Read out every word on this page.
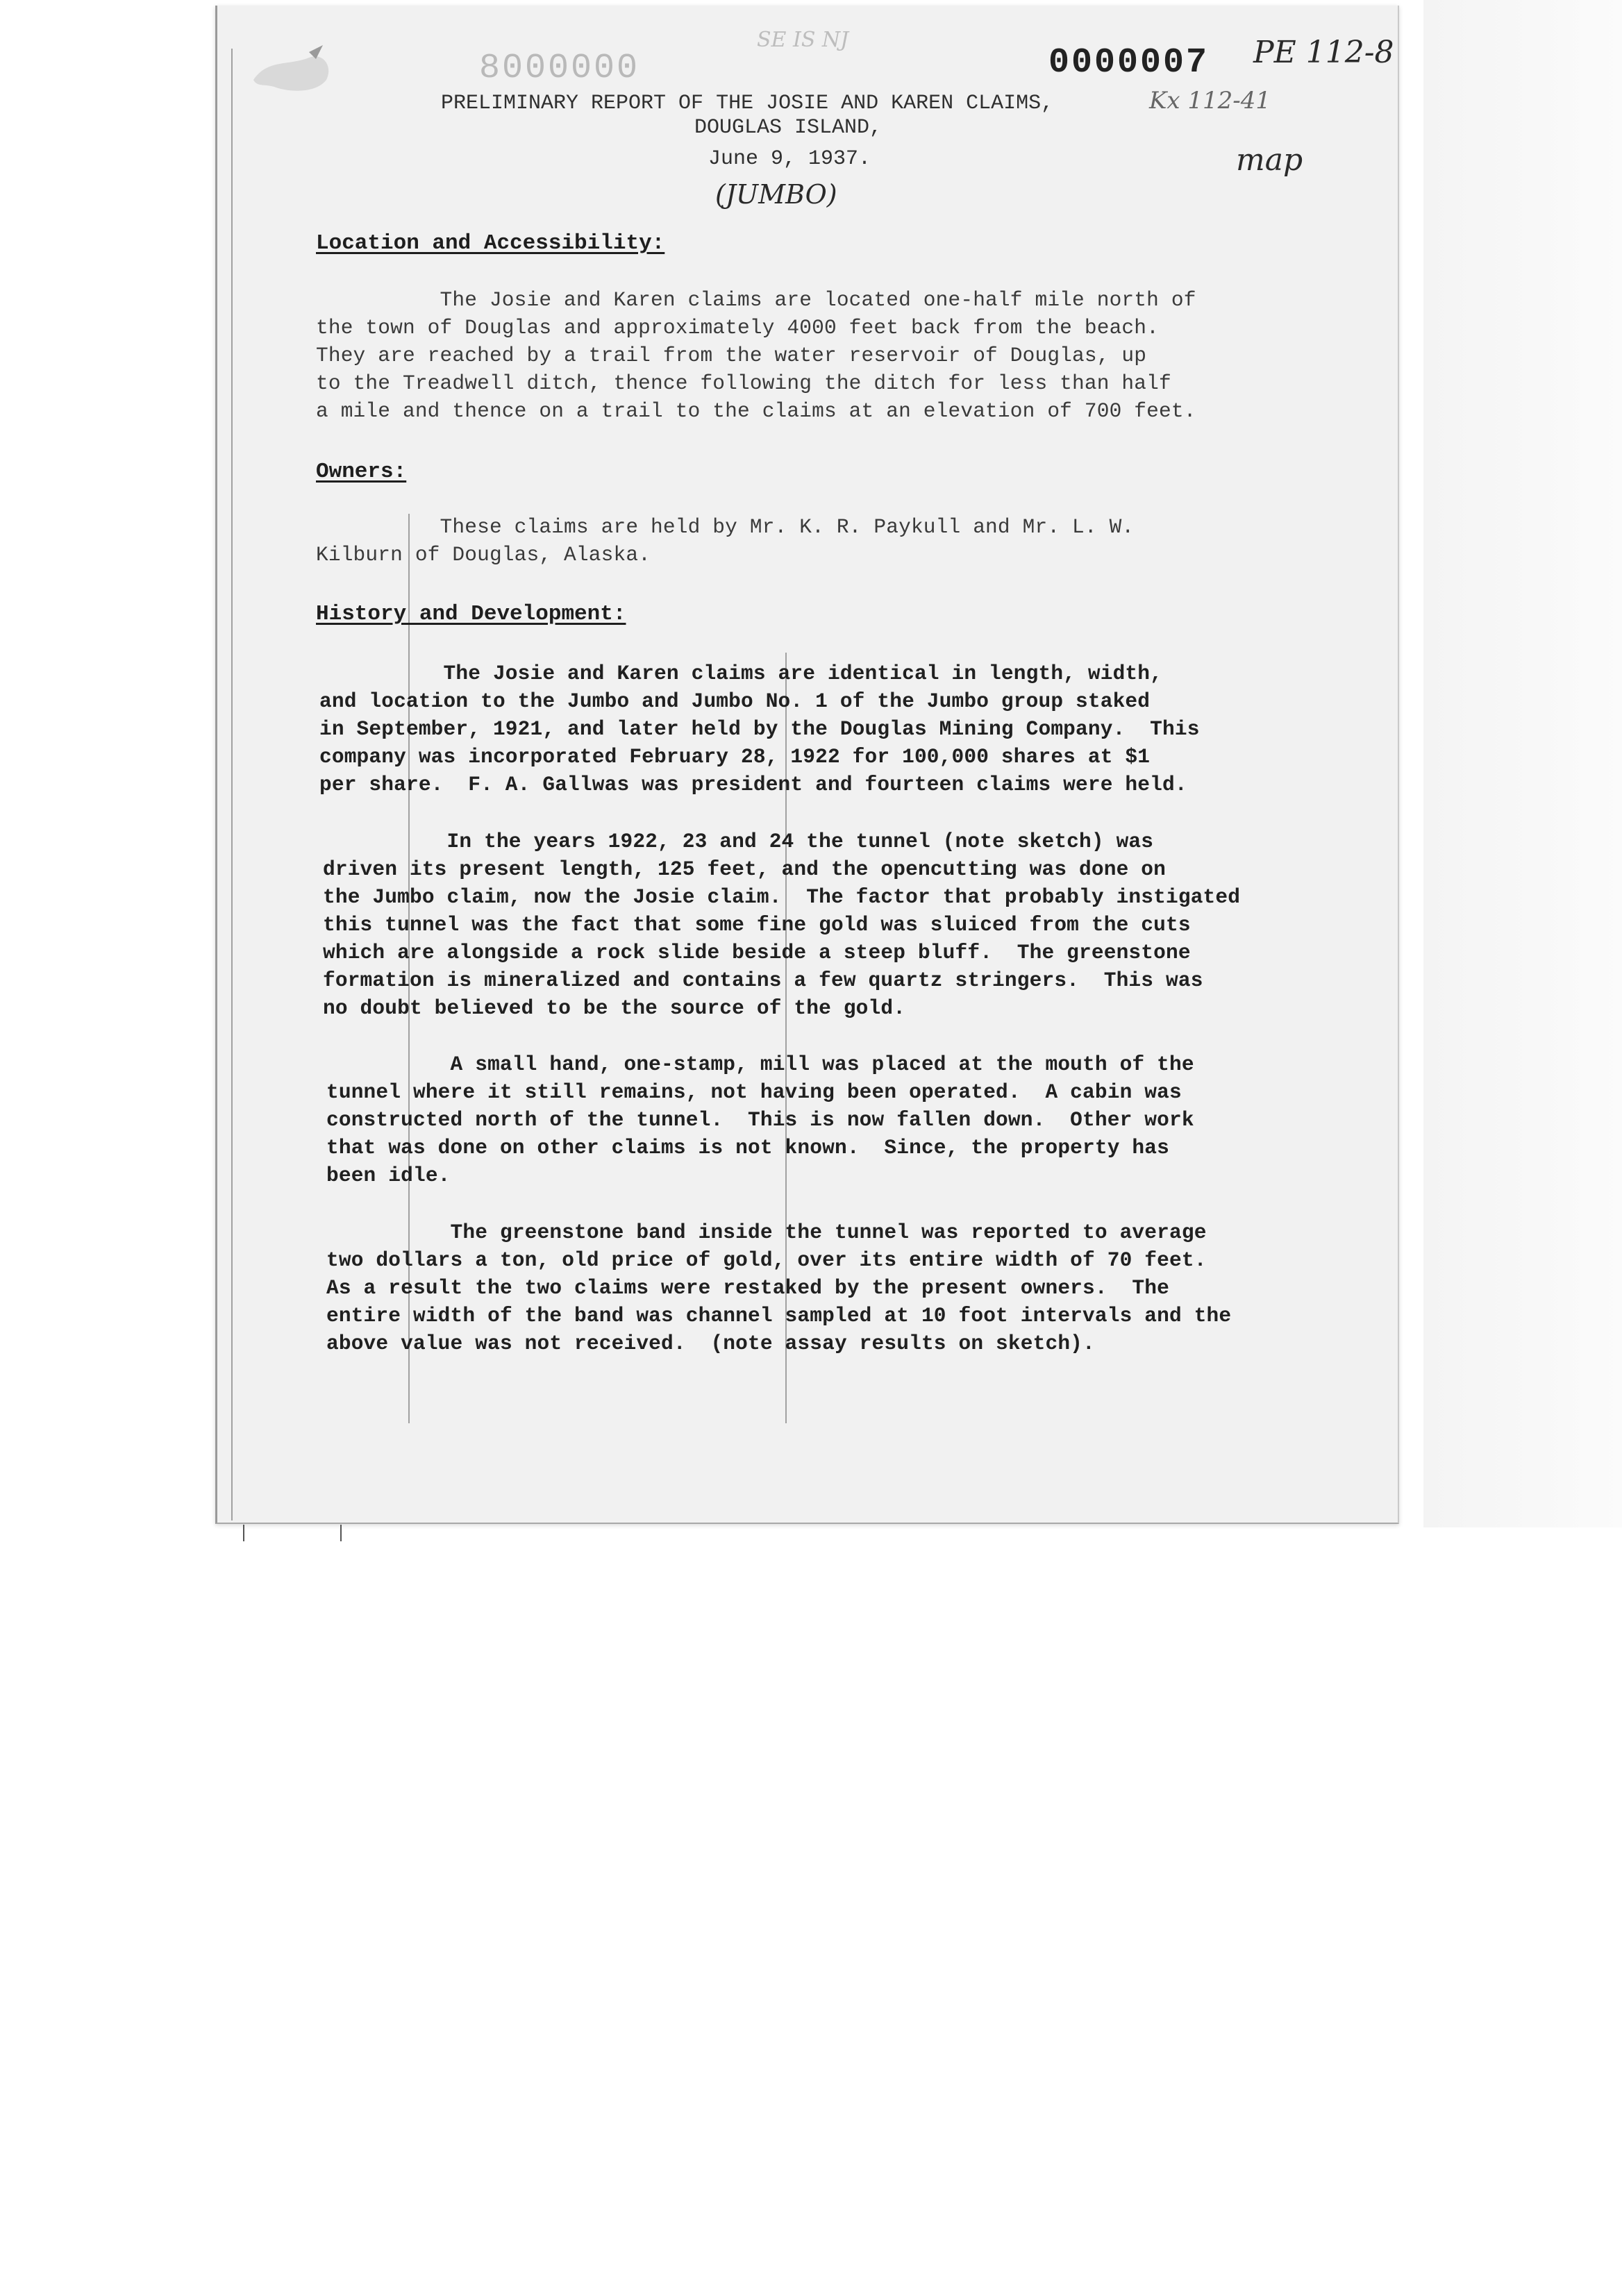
8000000
SE IS NJ
0000007 PE 112-8
Kx 112-41
map
(JUMBO)
PRELIMINARY REPORT OF THE JOSIE AND KAREN CLAIMS,
DOUGLAS ISLAND,
June 9, 1937.
Location and Accessibility:
The Josie and Karen claims are located one-half mile north of
the town of Douglas and approximately 4000 feet back from the beach.
They are reached by a trail from the water reservoir of Douglas, up
to the Treadwell ditch, thence following the ditch for less than half
a mile and thence on a trail to the claims at an elevation of 700 feet.
Owners:
These claims are held by Mr. K. R. Paykull and Mr. L. W.
Kilburn of Douglas, Alaska.
History and Development:
The Josie and Karen claims are identical in length, width,
and location to the Jumbo and Jumbo No. 1 of the Jumbo group staked
in September, 1921, and later held by the Douglas Mining Company.  This
company was incorporated February 28, 1922 for 100,000 shares at $1
per share.  F. A. Gallwas was president and fourteen claims were held.
In the years 1922, 23 and 24 the tunnel (note sketch) was
driven its present length, 125 feet, and the opencutting was done on
the Jumbo claim, now the Josie claim.  The factor that probably instigated
this tunnel was the fact that some fine gold was sluiced from the cuts
which are alongside a rock slide beside a steep bluff.  The greenstone
formation is mineralized and contains a few quartz stringers.  This was
no doubt believed to be the source of the gold.
A small hand, one-stamp, mill was placed at the mouth of the
tunnel where it still remains, not having been operated.  A cabin was
constructed north of the tunnel.  This is now fallen down.  Other work
that was done on other claims is not known.  Since, the property has
been idle.
The greenstone band inside the tunnel was reported to average
two dollars a ton, old price of gold, over its entire width of 70 feet.
As a result the two claims were restaked by the present owners.  The
entire width of the band was channel sampled at 10 foot intervals and the
above value was not received.  (note assay results on sketch).
